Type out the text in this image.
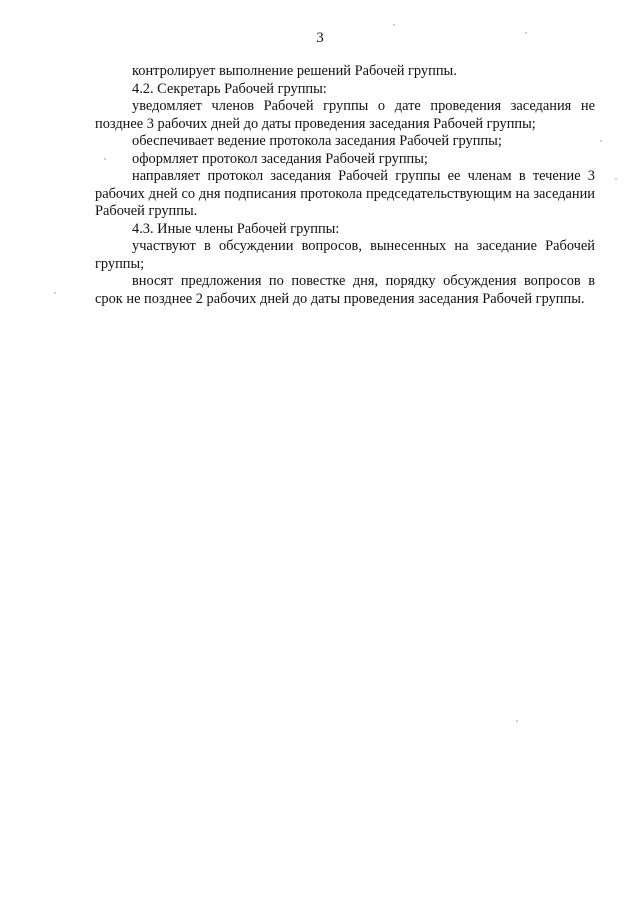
3

контролирует выполнение решений Рабочей группы.

4.2. Секретарь Рабочей группы:

уведомляет членов Рабочей группы о дате проведения заседания не позднее 3 рабочих дней до даты проведения заседания Рабочей группы;

обеспечивает ведение протокола заседания Рабочей группы;

оформляет протокол заседания Рабочей группы;

направляет протокол заседания Рабочей группы ее членам в течение 3 рабочих дней со дня подписания протокола председательствующим на заседании Рабочей группы.

4.3. Иные члены Рабочей группы:

участвуют в обсуждении вопросов, вынесенных на заседание Рабочей группы;

вносят предложения по повестке дня, порядку обсуждения вопросов в срок не позднее 2 рабочих дней до даты проведения заседания Рабочей группы.
